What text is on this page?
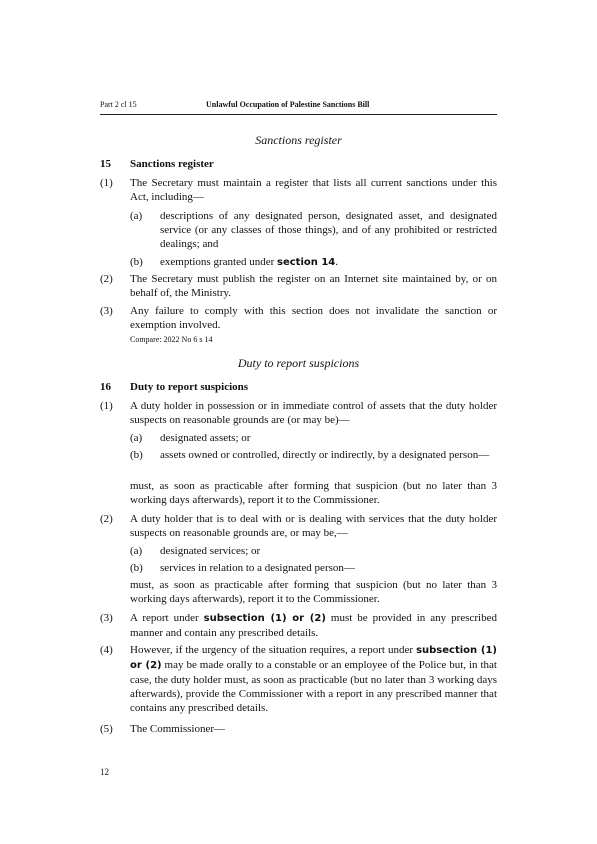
Part 2 cl 15	Unlawful Occupation of Palestine Sanctions Bill
Sanctions register
15	Sanctions register
(1) The Secretary must maintain a register that lists all current sanctions under this Act, including—
(a) descriptions of any designated person, designated asset, and designated service (or any classes of those things), and of any prohibited or restricted dealings; and
(b) exemptions granted under section 14.
(2) The Secretary must publish the register on an Internet site maintained by, or on behalf of, the Ministry.
(3) Any failure to comply with this section does not invalidate the sanction or exemption involved.
Compare: 2022 No 6 s 14
Duty to report suspicions
16	Duty to report suspicions
(1) A duty holder in possession or in immediate control of assets that the duty holder suspects on reasonable grounds are (or may be)—
(a) designated assets; or
(b) assets owned or controlled, directly or indirectly, by a designated person—
must, as soon as practicable after forming that suspicion (but no later than 3 working days afterwards), report it to the Commissioner.
(2) A duty holder that is to deal with or is dealing with services that the duty holder suspects on reasonable grounds are, or may be,—
(a) designated services; or
(b) services in relation to a designated person—
must, as soon as practicable after forming that suspicion (but no later than 3 working days afterwards), report it to the Commissioner.
(3) A report under subsection (1) or (2) must be provided in any prescribed manner and contain any prescribed details.
(4) However, if the urgency of the situation requires, a report under subsection (1) or (2) may be made orally to a constable or an employee of the Police but, in that case, the duty holder must, as soon as practicable (but no later than 3 working days afterwards), provide the Commissioner with a report in any prescribed manner that contains any prescribed details.
(5) The Commissioner—
12
